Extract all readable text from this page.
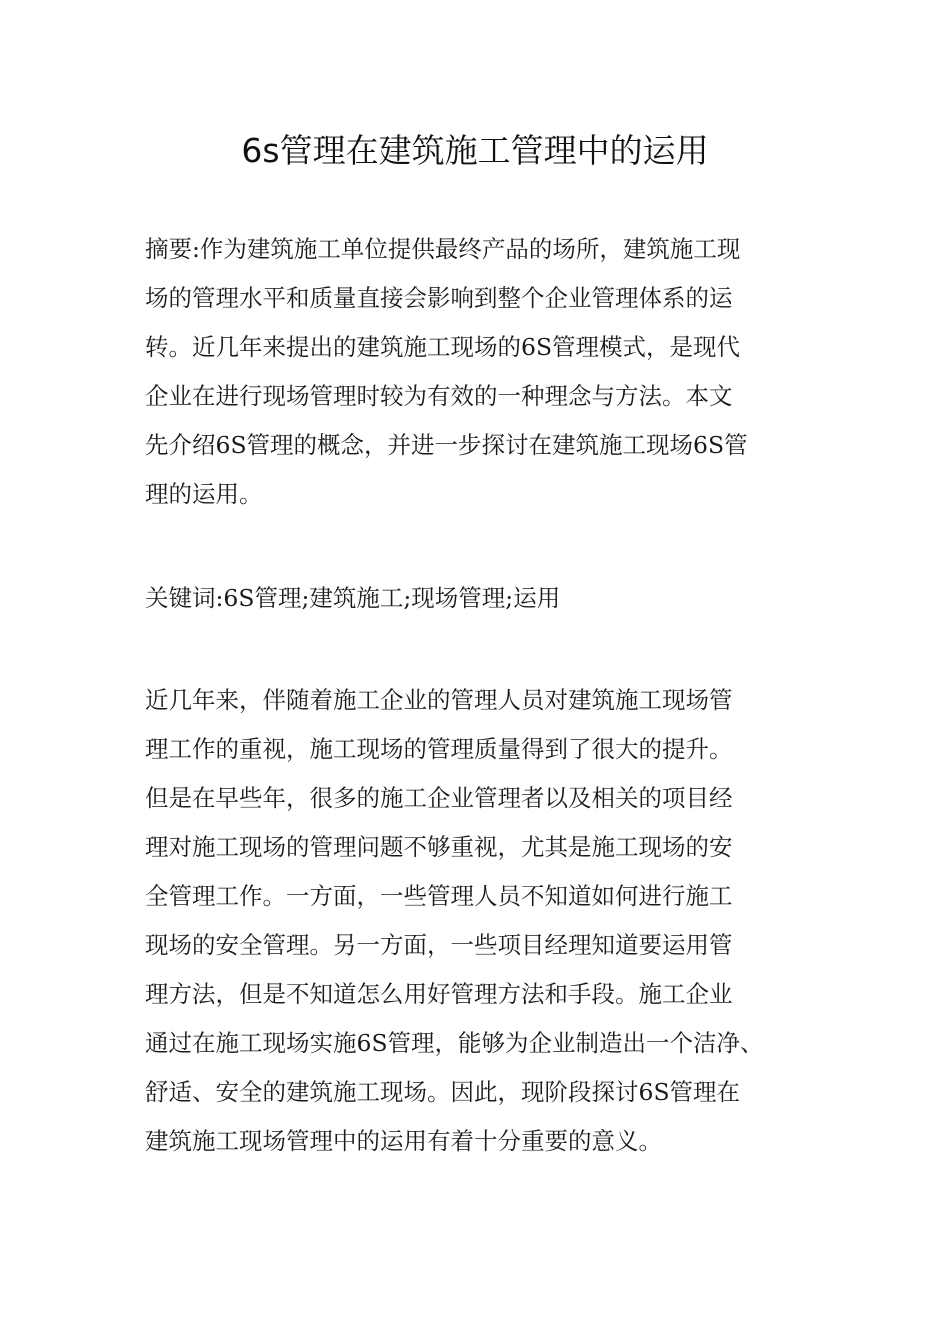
6s管理在建筑施工管理中的运用
摘要:作为建筑施工单位提供最终产品的场所，建筑施工现
场的管理水平和质量直接会影响到整个企业管理体系的运
转。近几年来提出的建筑施工现场的6S管理模式，是现代
企业在进行现场管理时较为有效的一种理念与方法。本文
先介绍6S管理的概念，并进一步探讨在建筑施工现场6S管
理的运用。
关键词:6S管理;建筑施工;现场管理;运用
近几年来，伴随着施工企业的管理人员对建筑施工现场管
理工作的重视，施工现场的管理质量得到了很大的提升。
但是在早些年，很多的施工企业管理者以及相关的项目经
理对施工现场的管理问题不够重视，尤其是施工现场的安
全管理工作。一方面，一些管理人员不知道如何进行施工
现场的安全管理。另一方面，一些项目经理知道要运用管
理方法，但是不知道怎么用好管理方法和手段。施工企业
通过在施工现场实施6S管理，能够为企业制造出一个洁净、
舒适、安全的建筑施工现场。因此，现阶段探讨6S管理在
建筑施工现场管理中的运用有着十分重要的意义。
